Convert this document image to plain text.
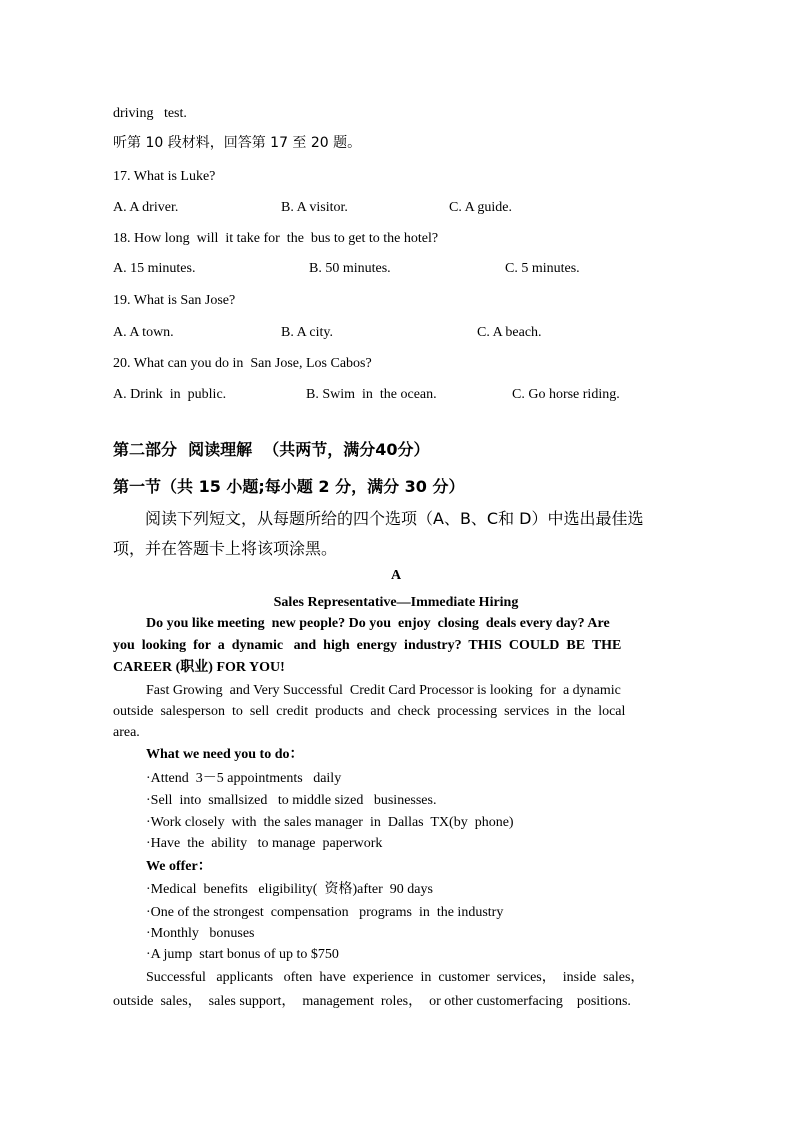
driving   test.
听第 10 段材料，回答第 17 至 20 题。
17. What is Luke?
A. A driver.	B. A visitor.	C. A guide.
18. How long  will  it take for  the  bus to get to the hotel?
A. 15 minutes.	B. 50 minutes.	C. 5 minutes.
19. What is San Jose?
A. A town.	B. A city.	C. A beach.
20. What can you do in  San Jose, Los Cabos?
A. Drink  in  public.	B. Swim  in  the ocean.	C. Go horse riding.
第二部分  阅读理解  （共两节，满分40分）
第一节（共 15 小题;每小题 2 分，满分 30 分）
阅读下列短文，从每题所给的四个选项（A、B、C和 D）中选出最佳选
项，并在答题卡上将该项涂黑。
A
Sales Representative—Immediate Hiring
Do you like meeting  new people? Do you  enjoy  closing  deals every day? Are
you  looking  for  a  dynamic   and  high  energy  industry?  THIS  COULD  BE  THE
CAREER (职业) FOR YOU!
Fast Growing  and Very Successful  Credit Card Processor is looking  for  a dynamic
outside  salesperson  to  sell  credit  products  and  check  processing  services  in  the  local
area.
What we need you to do：
·Attend  3－5 appointments   daily
·Sell  into  smallsized   to middle sized   businesses.
·Work closely  with  the sales manager  in  Dallas  TX(by  phone)
·Have  the  ability   to manage  paperwork
We offer：
·Medical  benefits   eligibility(  资格)after  90 days
·One of the strongest  compensation   programs  in  the industry
·Monthly   bonuses
·A jump  start bonus of up to $750
Successful   applicants   often  have  experience  in  customer  services，  inside  sales，
outside  sales，  sales support，  management  roles，  or other customerfacing    positions.
